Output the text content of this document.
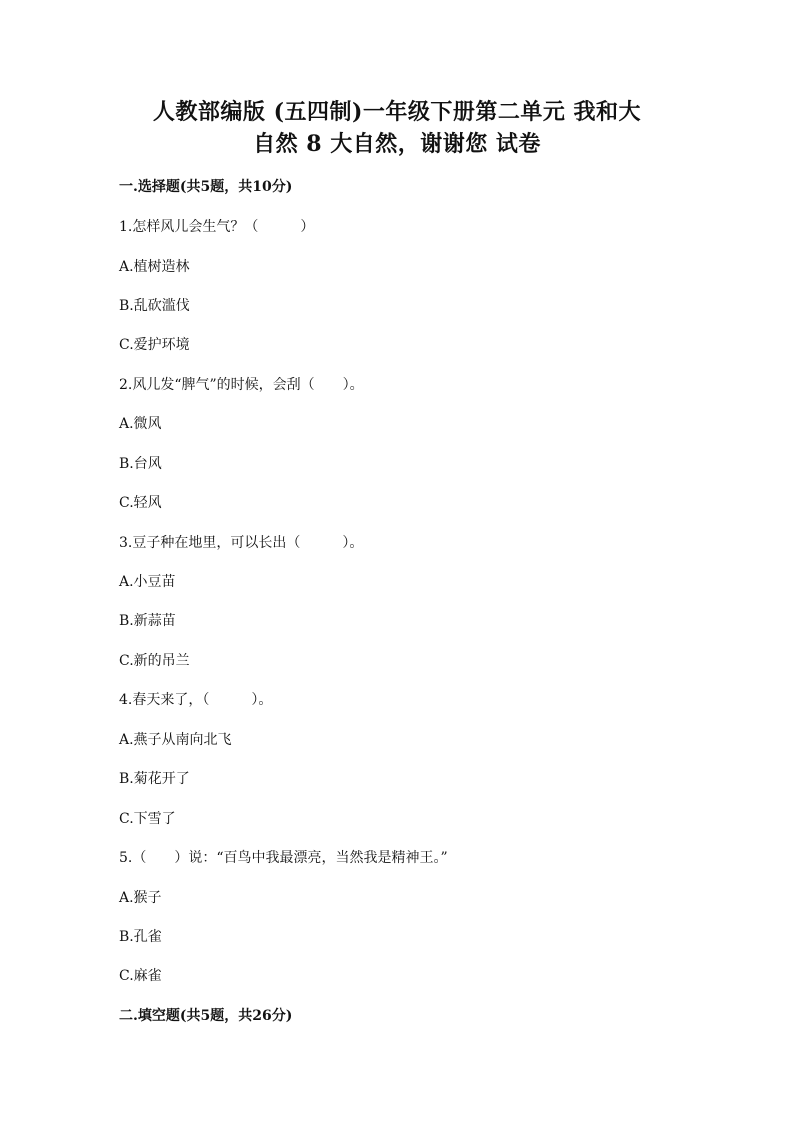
人教部编版 (五四制)一年级下册第二单元 我和大
自然 8 大自然，谢谢您 试卷
一.选择题(共5题，共10分)
1.怎样风儿会生气？（　　　）
A.植树造林
B.乱砍滥伐
C.爱护环境
2.风儿发“脾气”的时候，会刮（　　）。
A.微风
B.台风
C.轻风
3.豆子种在地里，可以长出（　　　）。
A.小豆苗
B.新蒜苗
C.新的吊兰
4.春天来了，（　　　）。
A.燕子从南向北飞
B.菊花开了
C.下雪了
5.（　　）说：“百鸟中我最漂亮，当然我是精神王。”
A.猴子
B.孔雀
C.麻雀
二.填空题(共5题，共26分)
